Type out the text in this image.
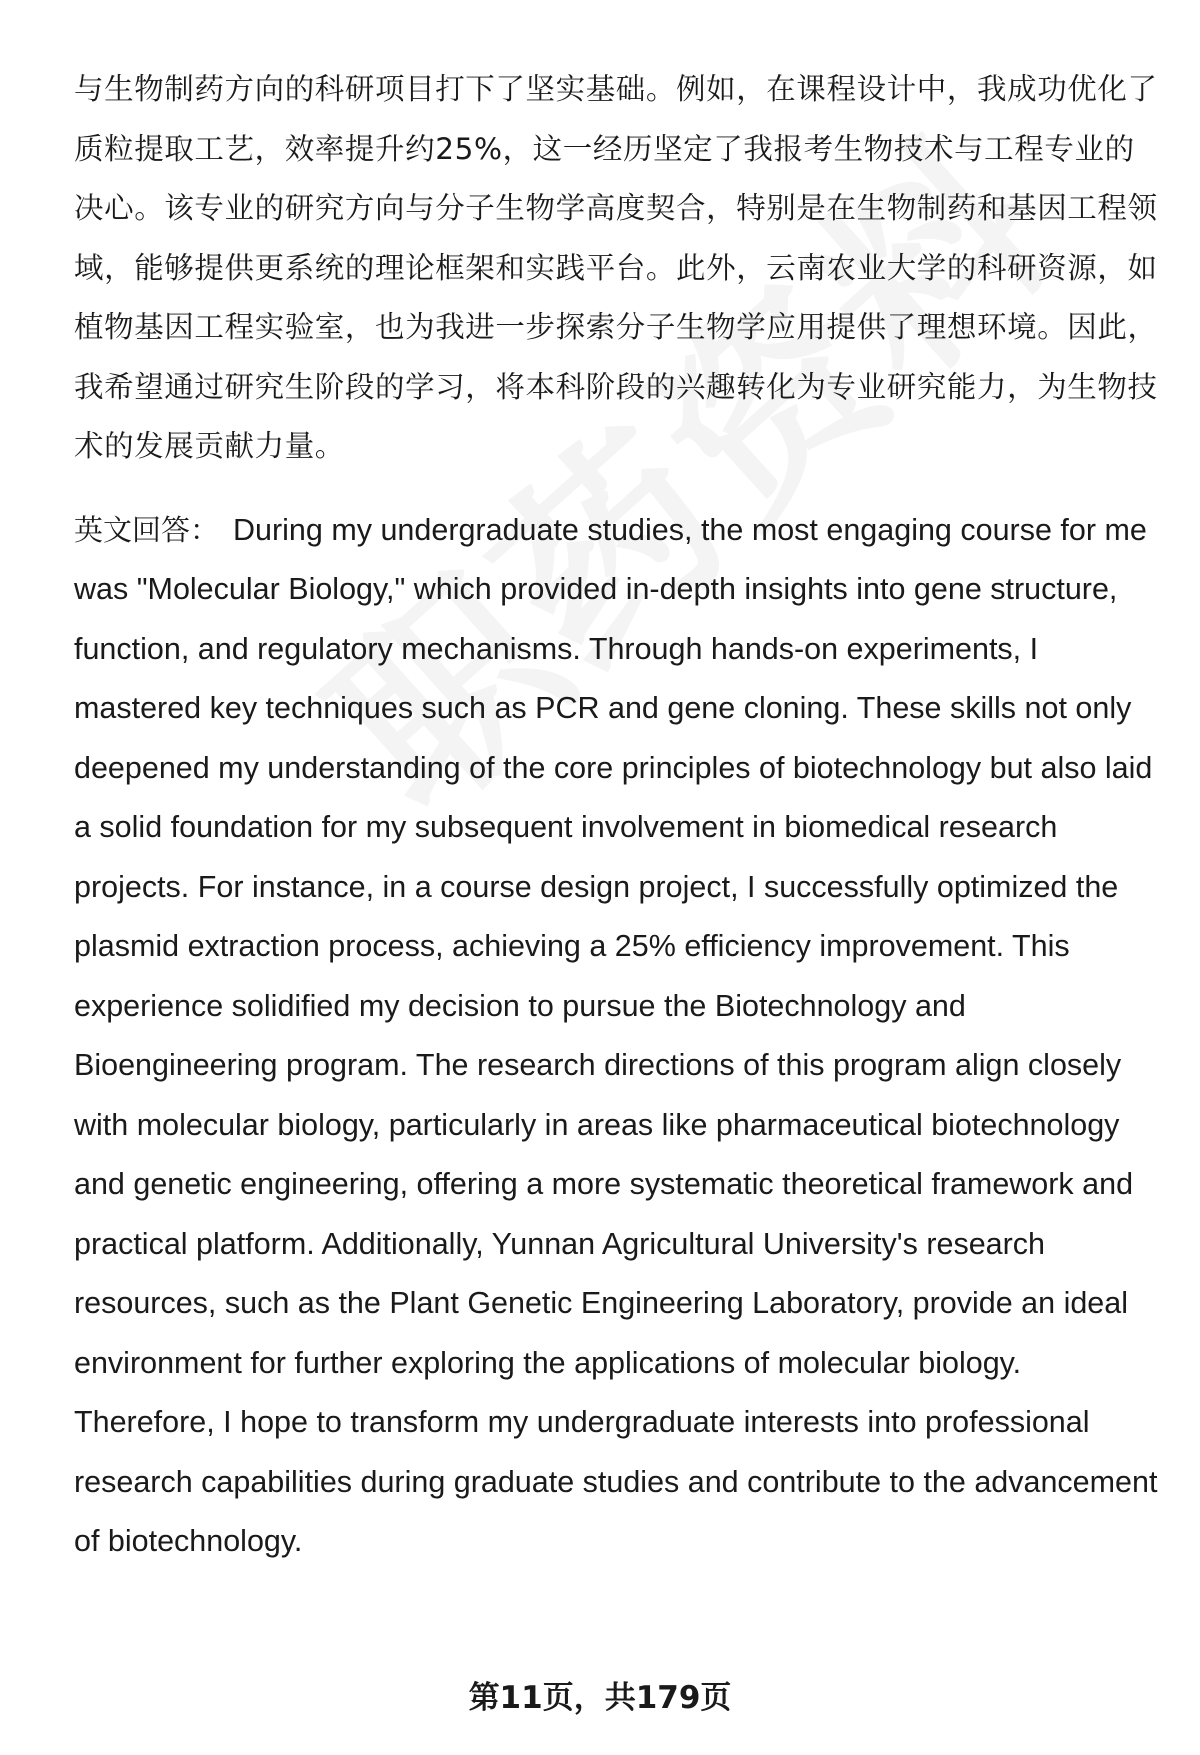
与生物制药方向的科研项目打下了坚实基础。例如，在课程设计中，我成功优化了质粒提取工艺，效率提升约25%，这一经历坚定了我报考生物技术与工程专业的决心。该专业的研究方向与分子生物学高度契合，特别是在生物制药和基因工程领域，能够提供更系统的理论框架和实践平台。此外，云南农业大学的科研资源，如植物基因工程实验室，也为我进一步探索分子生物学应用提供了理想环境。因此，我希望通过研究生阶段的学习，将本科阶段的兴趣转化为专业研究能力，为生物技术的发展贡献力量。

英文回答： During my undergraduate studies, the most engaging course for me was "Molecular Biology," which provided in-depth insights into gene structure, function, and regulatory mechanisms. Through hands-on experiments, I mastered key techniques such as PCR and gene cloning. These skills not only deepened my understanding of the core principles of biotechnology but also laid a solid foundation for my subsequent involvement in biomedical research projects. For instance, in a course design project, I successfully optimized the plasmid extraction process, achieving a 25% efficiency improvement. This experience solidified my decision to pursue the Biotechnology and Bioengineering program. The research directions of this program align closely with molecular biology, particularly in areas like pharmaceutical biotechnology and genetic engineering, offering a more systematic theoretical framework and practical platform. Additionally, Yunnan Agricultural University's research resources, such as the Plant Genetic Engineering Laboratory, provide an ideal environment for further exploring the applications of molecular biology. Therefore, I hope to transform my undergraduate interests into professional research capabilities during graduate studies and contribute to the advancement of biotechnology.

第11页，共179页
